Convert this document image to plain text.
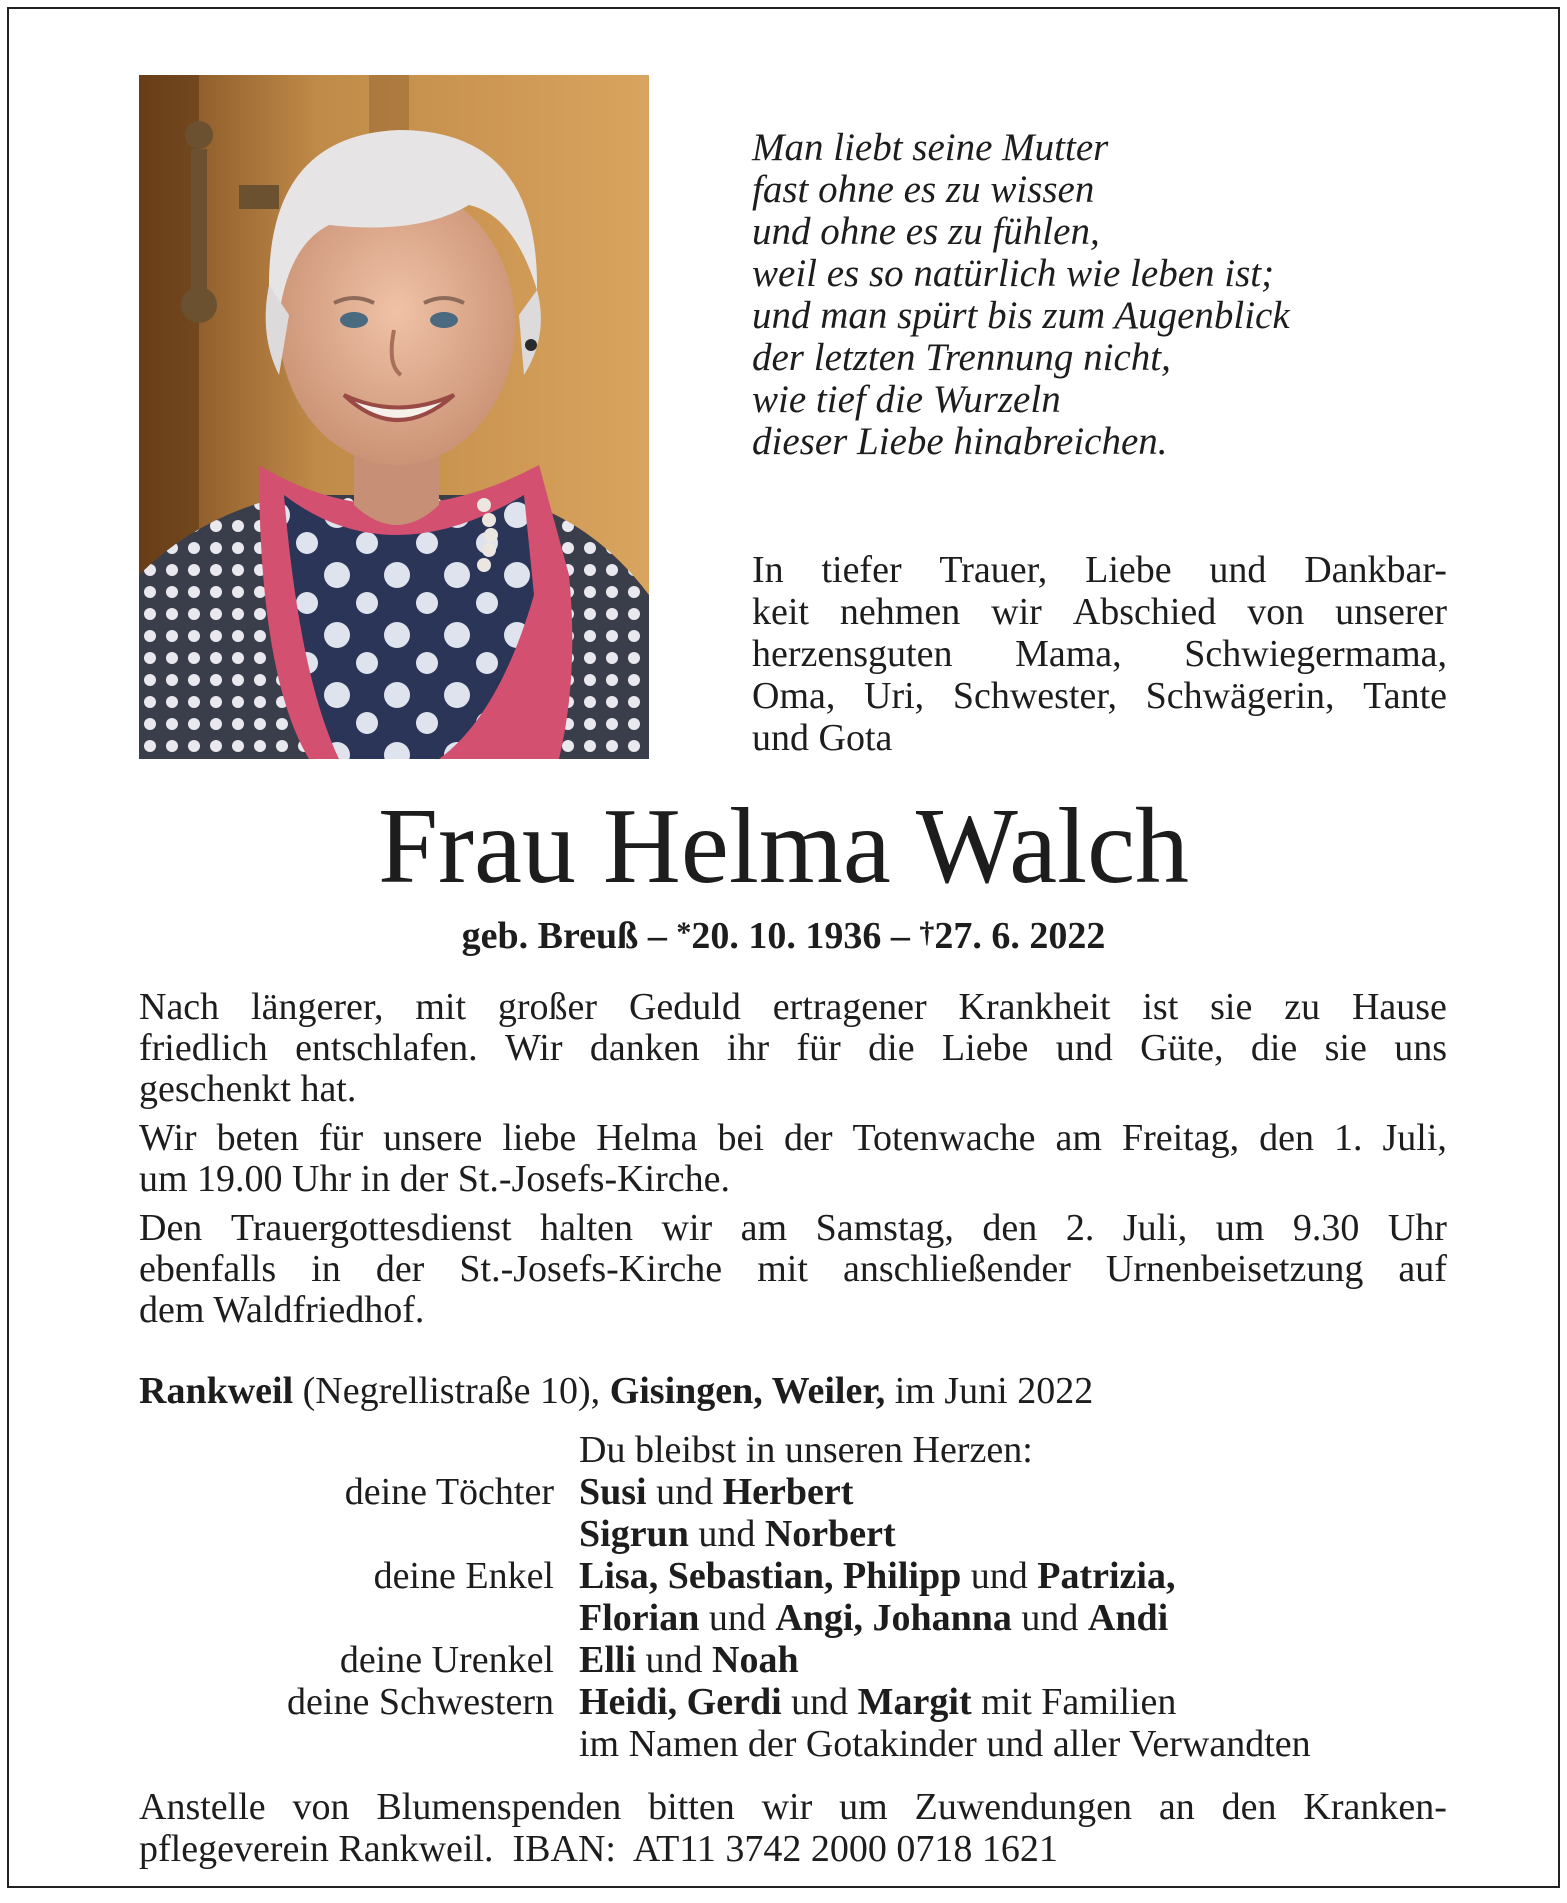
Man liebt seine Mutter
fast ohne es zu wissen
und ohne es zu fühlen,
weil es so natürlich wie leben ist;
und man spürt bis zum Augenblick
der letzten Trennung nicht,
wie tief die Wurzeln
dieser Liebe hinabreichen.
In tiefer Trauer, Liebe und Dankbar-
keit nehmen wir Abschied von unserer
herzensguten Mama, Schwiegermama,
Oma, Uri, Schwester, Schwägerin, Tante
und Gota
Frau Helma Walch
geb. Breuß – *20. 10. 1936 – †27. 6. 2022
Nach längerer, mit großer Geduld ertragener Krankheit ist sie zu Hause
friedlich entschlafen. Wir danken ihr für die Liebe und Güte, die sie uns
geschenkt hat.
Wir beten für unsere liebe Helma bei der Totenwache am Freitag, den 1. Juli,
um 19.00 Uhr in der St.-Josefs-Kirche.
Den Trauergottesdienst halten wir am Samstag, den 2. Juli, um 9.30 Uhr
ebenfalls in der St.-Josefs-Kirche mit anschließender Urnenbeisetzung auf
dem Waldfriedhof.
Rankweil (Negrellistraße 10), Gisingen, Weiler, im Juni 2022
Du bleibst in unseren Herzen:
deine Töchter Susi und Herbert
Sigrun und Norbert
deine Enkel Lisa, Sebastian, Philipp und Patrizia,
Florian und Angi, Johanna und Andi
deine Urenkel Elli und Noah
deine Schwestern Heidi, Gerdi und Margit mit Familien
im Namen der Gotakinder und aller Verwandten
Anstelle von Blumenspenden bitten wir um Zuwendungen an den Kranken-
pflegeverein Rankweil.  IBAN:  AT11 3742 2000 0718 1621
